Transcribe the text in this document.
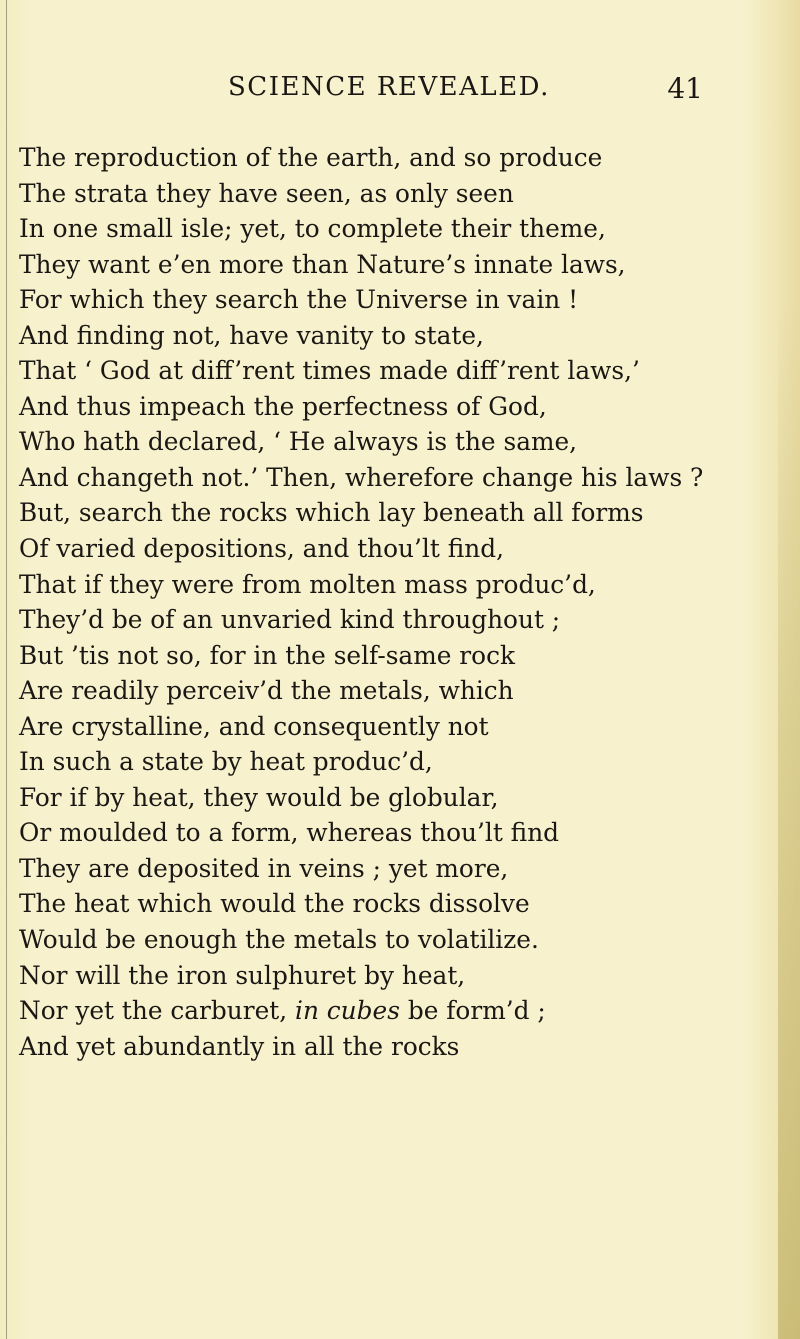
SCIENCE REVEALED.	41
The reproduction of the earth, and so produce
The strata they have seen, as only seen
In one small isle; yet, to complete their theme,
They want e’en more than Nature’s innate laws,
For which they search the Universe in vain !
And finding not, have vanity to state,
That ‘ God at diff’rent times made diff’rent laws,’
And thus impeach the perfectness of God,
Who hath declared, ‘ He always is the same,
And changeth not.’ Then, wherefore change his laws ?
But, search the rocks which lay beneath all forms
Of varied depositions, and thou’lt find,
That if they were from molten mass produc’d,
They’d be of an unvaried kind throughout ;
But ’tis not so, for in the self-same rock
Are readily perceiv’d the metals, which
Are crystalline, and consequently not
In such a state by heat produc’d,
For if by heat, they would be globular,
Or moulded to a form, whereas thou’lt find
They are deposited in veins ; yet more,
The heat which would the rocks dissolve
Would be enough the metals to volatilize.
Nor will the iron sulphuret by heat,
Nor yet the carburet, in cubes be form’d ;
And yet abundantly in all the rocks
